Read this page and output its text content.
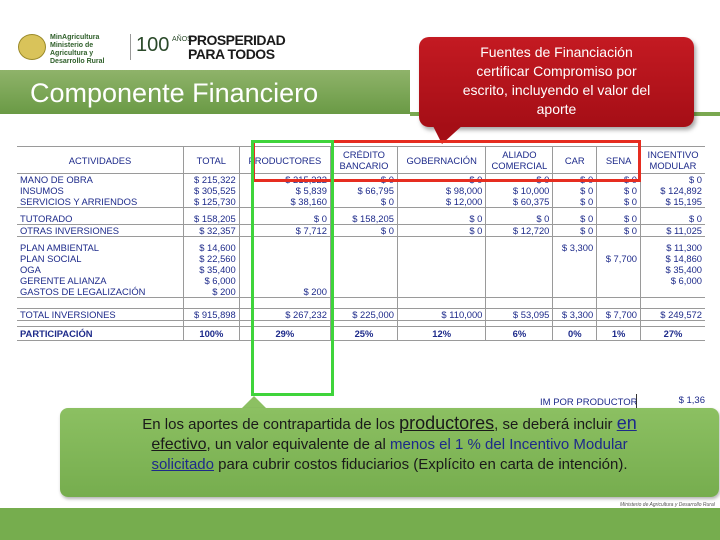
MinAgricultura
Ministerio de Agricultura y Desarrollo Rural
100 AÑOS
PROSPERIDAD
PARA TODOS
Componente Financiero
Fuentes de Financiación
certificar Compromiso por
escrito, incluyendo el valor del
aporte
ACTIVIDADES	TOTAL	PRODUCTORES	CRÉDITO BANCARIO	GOBERNACIÓN	ALIADO COMERCIAL	CAR	SENA	INCENTIVO MODULAR
MANO DE OBRA	$ 215,322	$ 215,322	$ 0	$ 0	$ 0	$ 0	$ 0	$ 0
INSUMOS	$ 305,525	$ 5,839	$ 66,795	$ 98,000	$ 10,000	$ 0	$ 0	$ 124,892
SERVICIOS Y ARRIENDOS	$ 125,730	$ 38,160	$ 0	$ 12,000	$ 60,375	$ 0	$ 0	$ 15,195

TUTORADO	$ 158,205	$ 0	$ 158,205	$ 0	$ 0	$ 0	$ 0	$ 0
OTRAS INVERSIONES	$ 32,357	$ 7,712	$ 0	$ 0	$ 12,720	$ 0	$ 0	$ 11,025

PLAN AMBIENTAL	$ 14,600					$ 3,300		$ 11,300
PLAN SOCIAL	$ 22,560						$ 7,700	$ 14,860
OGA	$ 35,400							$ 35,400
GERENTE ALIANZA	$ 6,000							$ 6,000
GASTOS DE LEGALIZACIÓN	$ 200	$ 200						

TOTAL INVERSIONES	$ 915,898	$ 267,232	$ 225,000	$ 110,000	$ 53,095	$ 3,300	$ 7,700	$ 249,572

PARTICIPACIÓN	100%	29%	25%	12%	6%	0%	1%	27%
IM POR PRODUCTOR	$ 1,36
En los aportes de contrapartida de los productores, se deberá incluir en
efectivo, un valor equivalente de al menos el 1 % del Incentivo Modular
solicitado para cubrir costos fiduciarios (Explícito en carta de intención).
Ministerio de Agricultura y Desarrollo Rural
